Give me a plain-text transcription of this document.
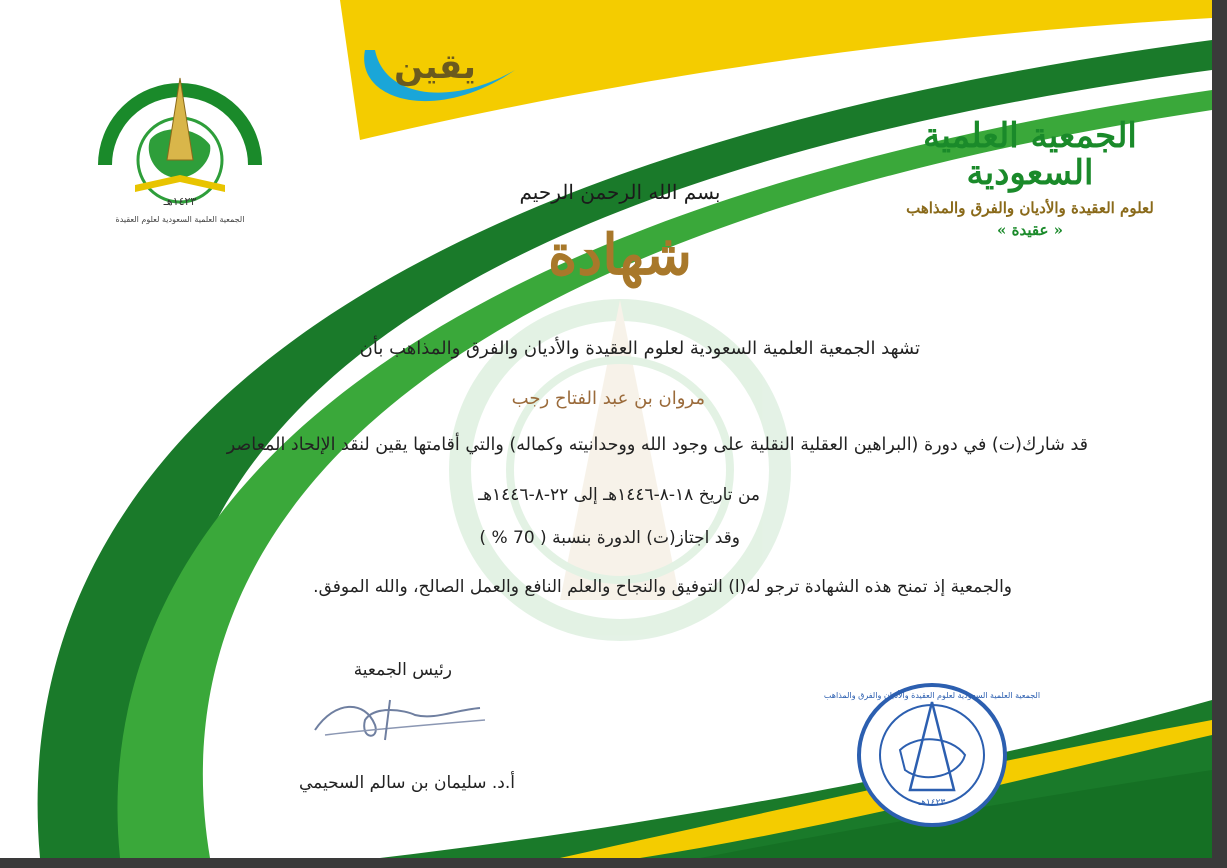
يقين
١٤٢٣هـ
الجمعية العلمية السعودية لعلوم العقيدة
الجمعية العلمية السعودية
لعلوم العقيدة والأديان والفرق والمذاهب
« عقيدة »
بسم الله الرحمن الرحيم
شهادة
تشهد الجمعية العلمية السعودية لعلوم العقيدة والأديان والفرق والمذاهب بأن
مروان بن عبد الفتاح رجب
قد شارك(ت) في دورة (البراهين العقلية النقلية على وجود الله ووحدانيته وكماله) والتي أقامتها يقين لنقد الإلحاد المعاصر
من تاريخ ١٨-٨-١٤٤٦هـ إلى ٢٢-٨-١٤٤٦هـ
وقد اجتاز(ت) الدورة بنسبة ( 70 % )
والجمعية إذ تمنح هذه الشهادة ترجو له(ا) التوفيق والنجاح والعلم النافع والعمل الصالح، والله الموفق.
رئيس الجمعية
أ.د. سليمان بن سالم السحيمي
الجمعية العلمية السعودية لعلوم العقيدة والأديان والفرق والمذاهب
١٤٢٣هـ
